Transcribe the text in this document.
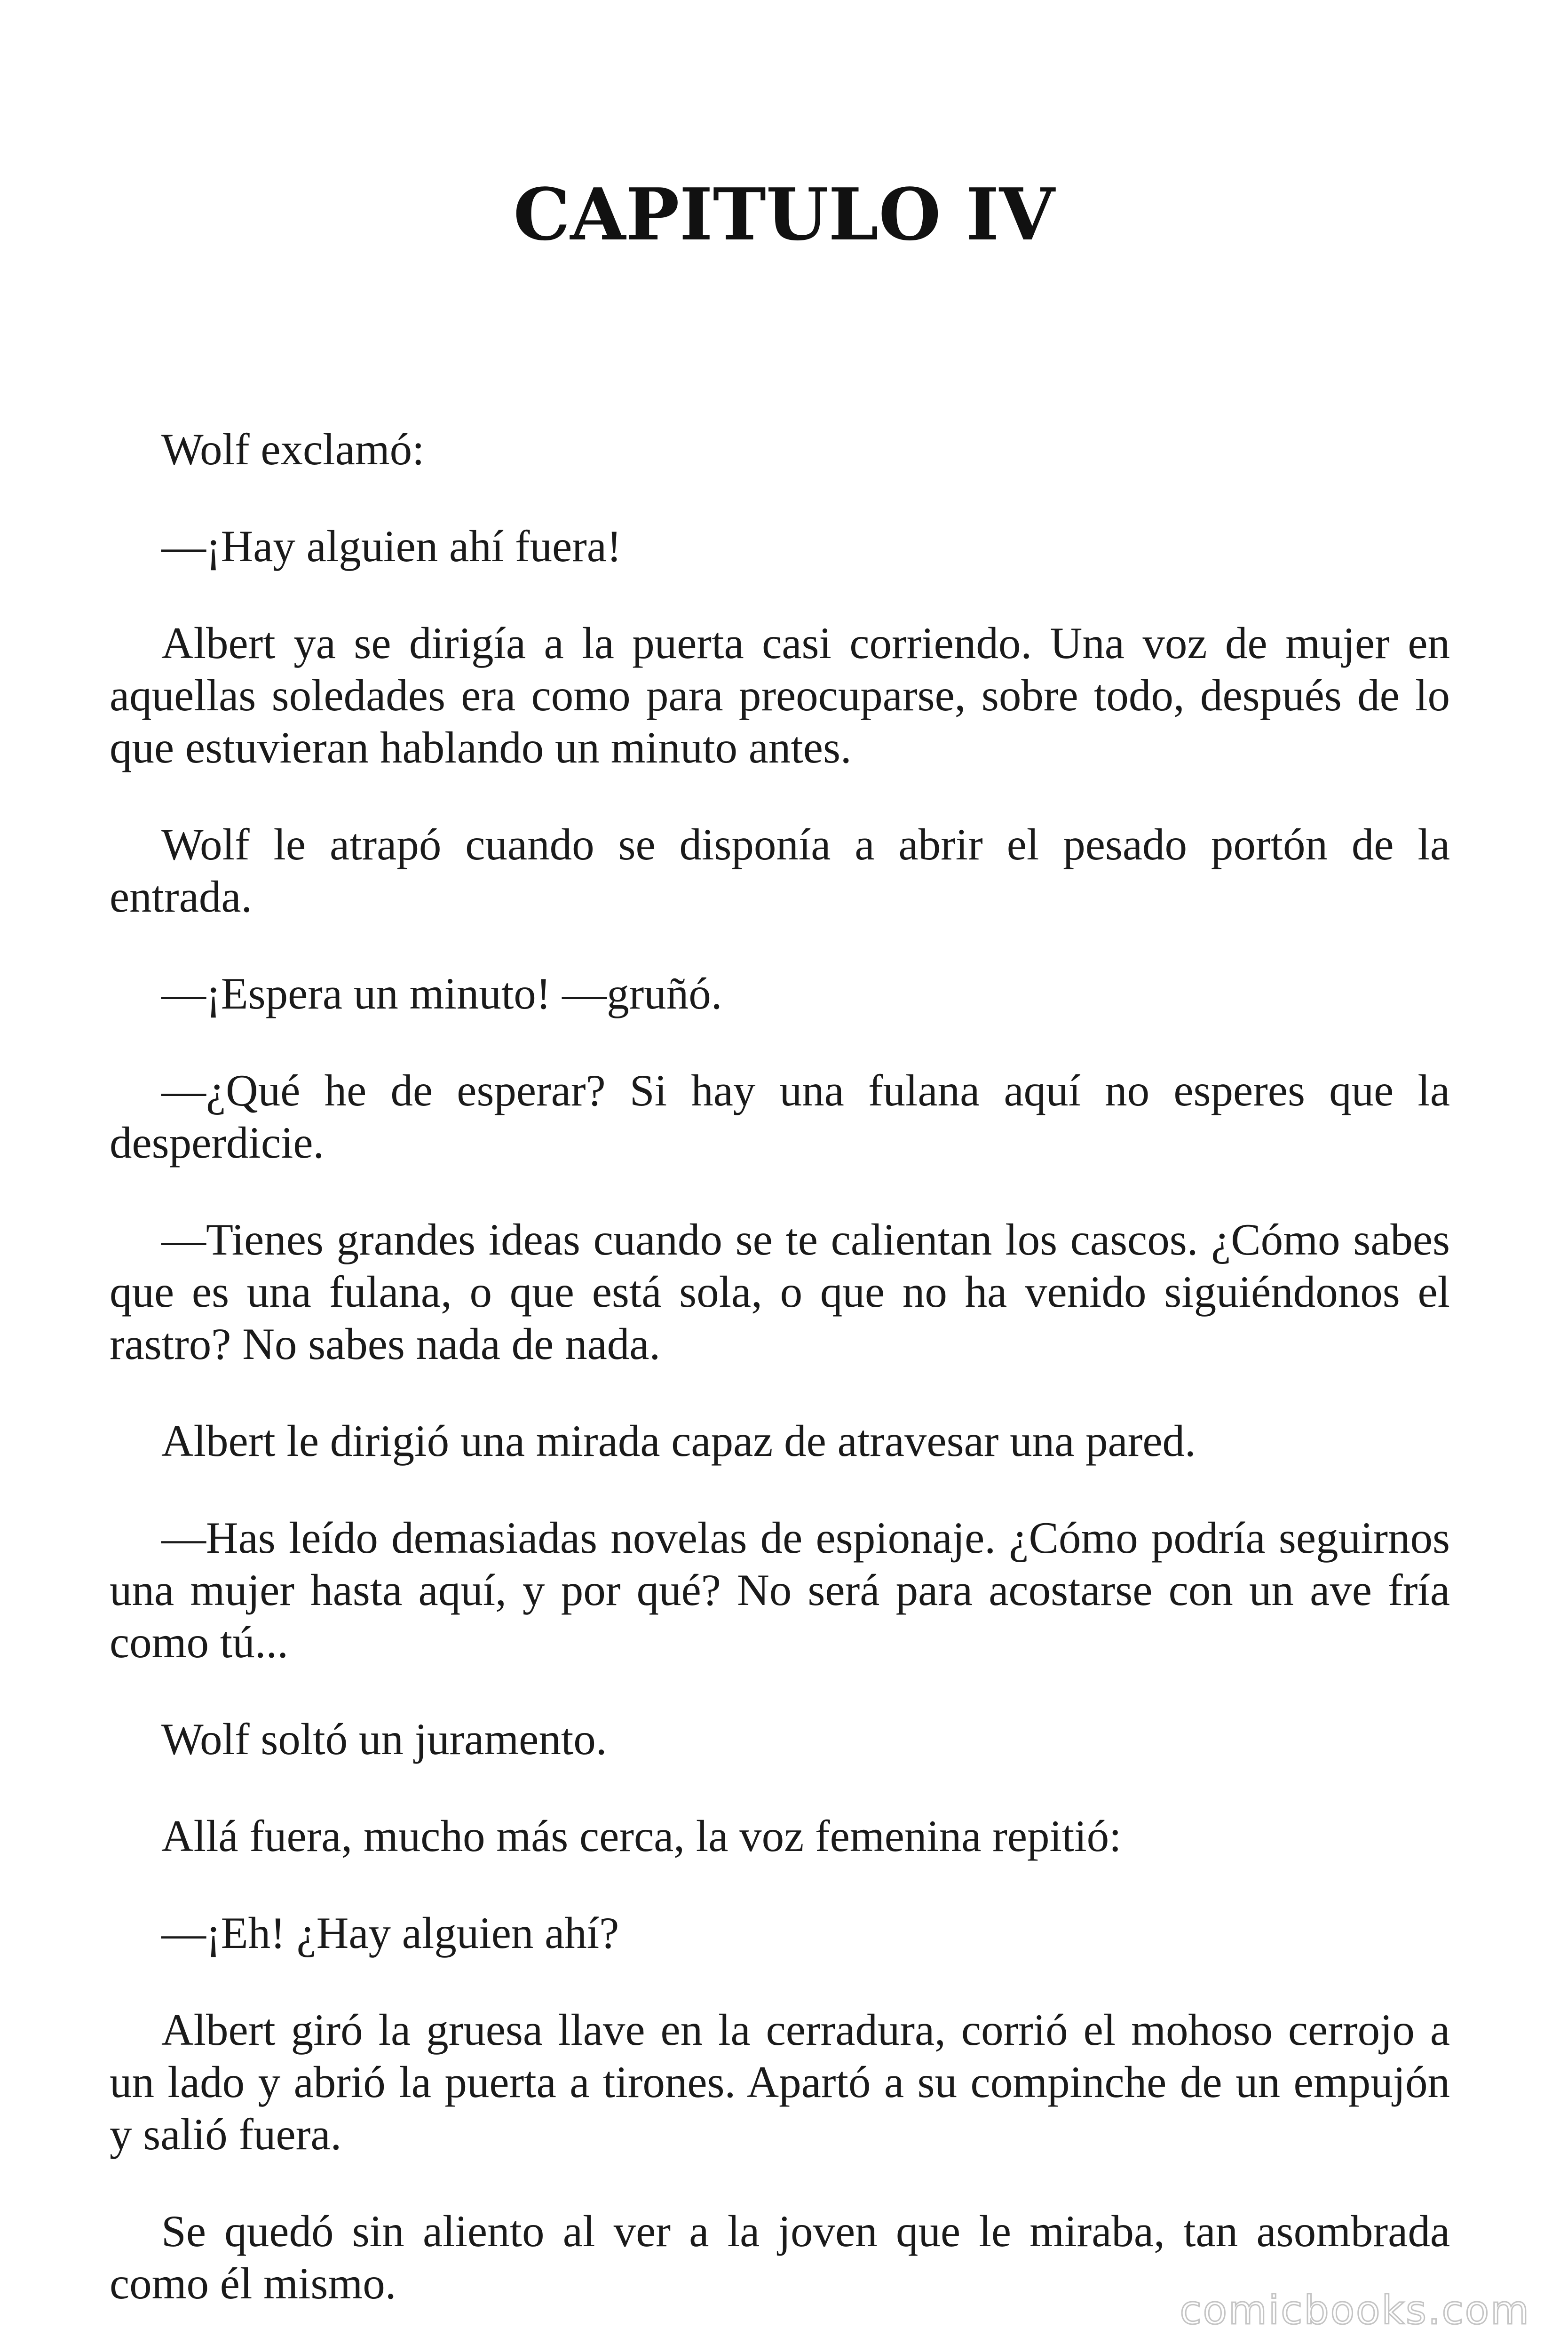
CAPITULO IV

Wolf exclamó:

—¡Hay alguien ahí fuera!

Albert ya se dirigía a la puerta casi corriendo. Una voz de mujer en aquellas soledades era como para preocuparse, sobre todo, después de lo que estuvieran hablando un minuto antes.

Wolf le atrapó cuando se disponía a abrir el pesado portón de la entrada.

—¡Espera un minuto! —gruñó.

—¿Qué he de esperar? Si hay una fulana aquí no esperes que la desperdicie.

—Tienes grandes ideas cuando se te calientan los cascos. ¿Cómo sabes que es una fulana, o que está sola, o que no ha venido siguiéndonos el rastro? No sabes nada de nada.

Albert le dirigió una mirada capaz de atravesar una pared.

—Has leído demasiadas novelas de espionaje. ¿Cómo podría seguirnos una mujer hasta aquí, y por qué? No será para acostarse con un ave fría como tú...

Wolf soltó un juramento.

Allá fuera, mucho más cerca, la voz femenina repitió:

—¡Eh! ¿Hay alguien ahí?

Albert giró la gruesa llave en la cerradura, corrió el mohoso cerrojo a un lado y abrió la puerta a tirones. Apartó a su compinche de un empujón y salió fuera.

Se quedó sin aliento al ver a la joven que le miraba, tan asombrada como él mismo.

comicbooks.com
